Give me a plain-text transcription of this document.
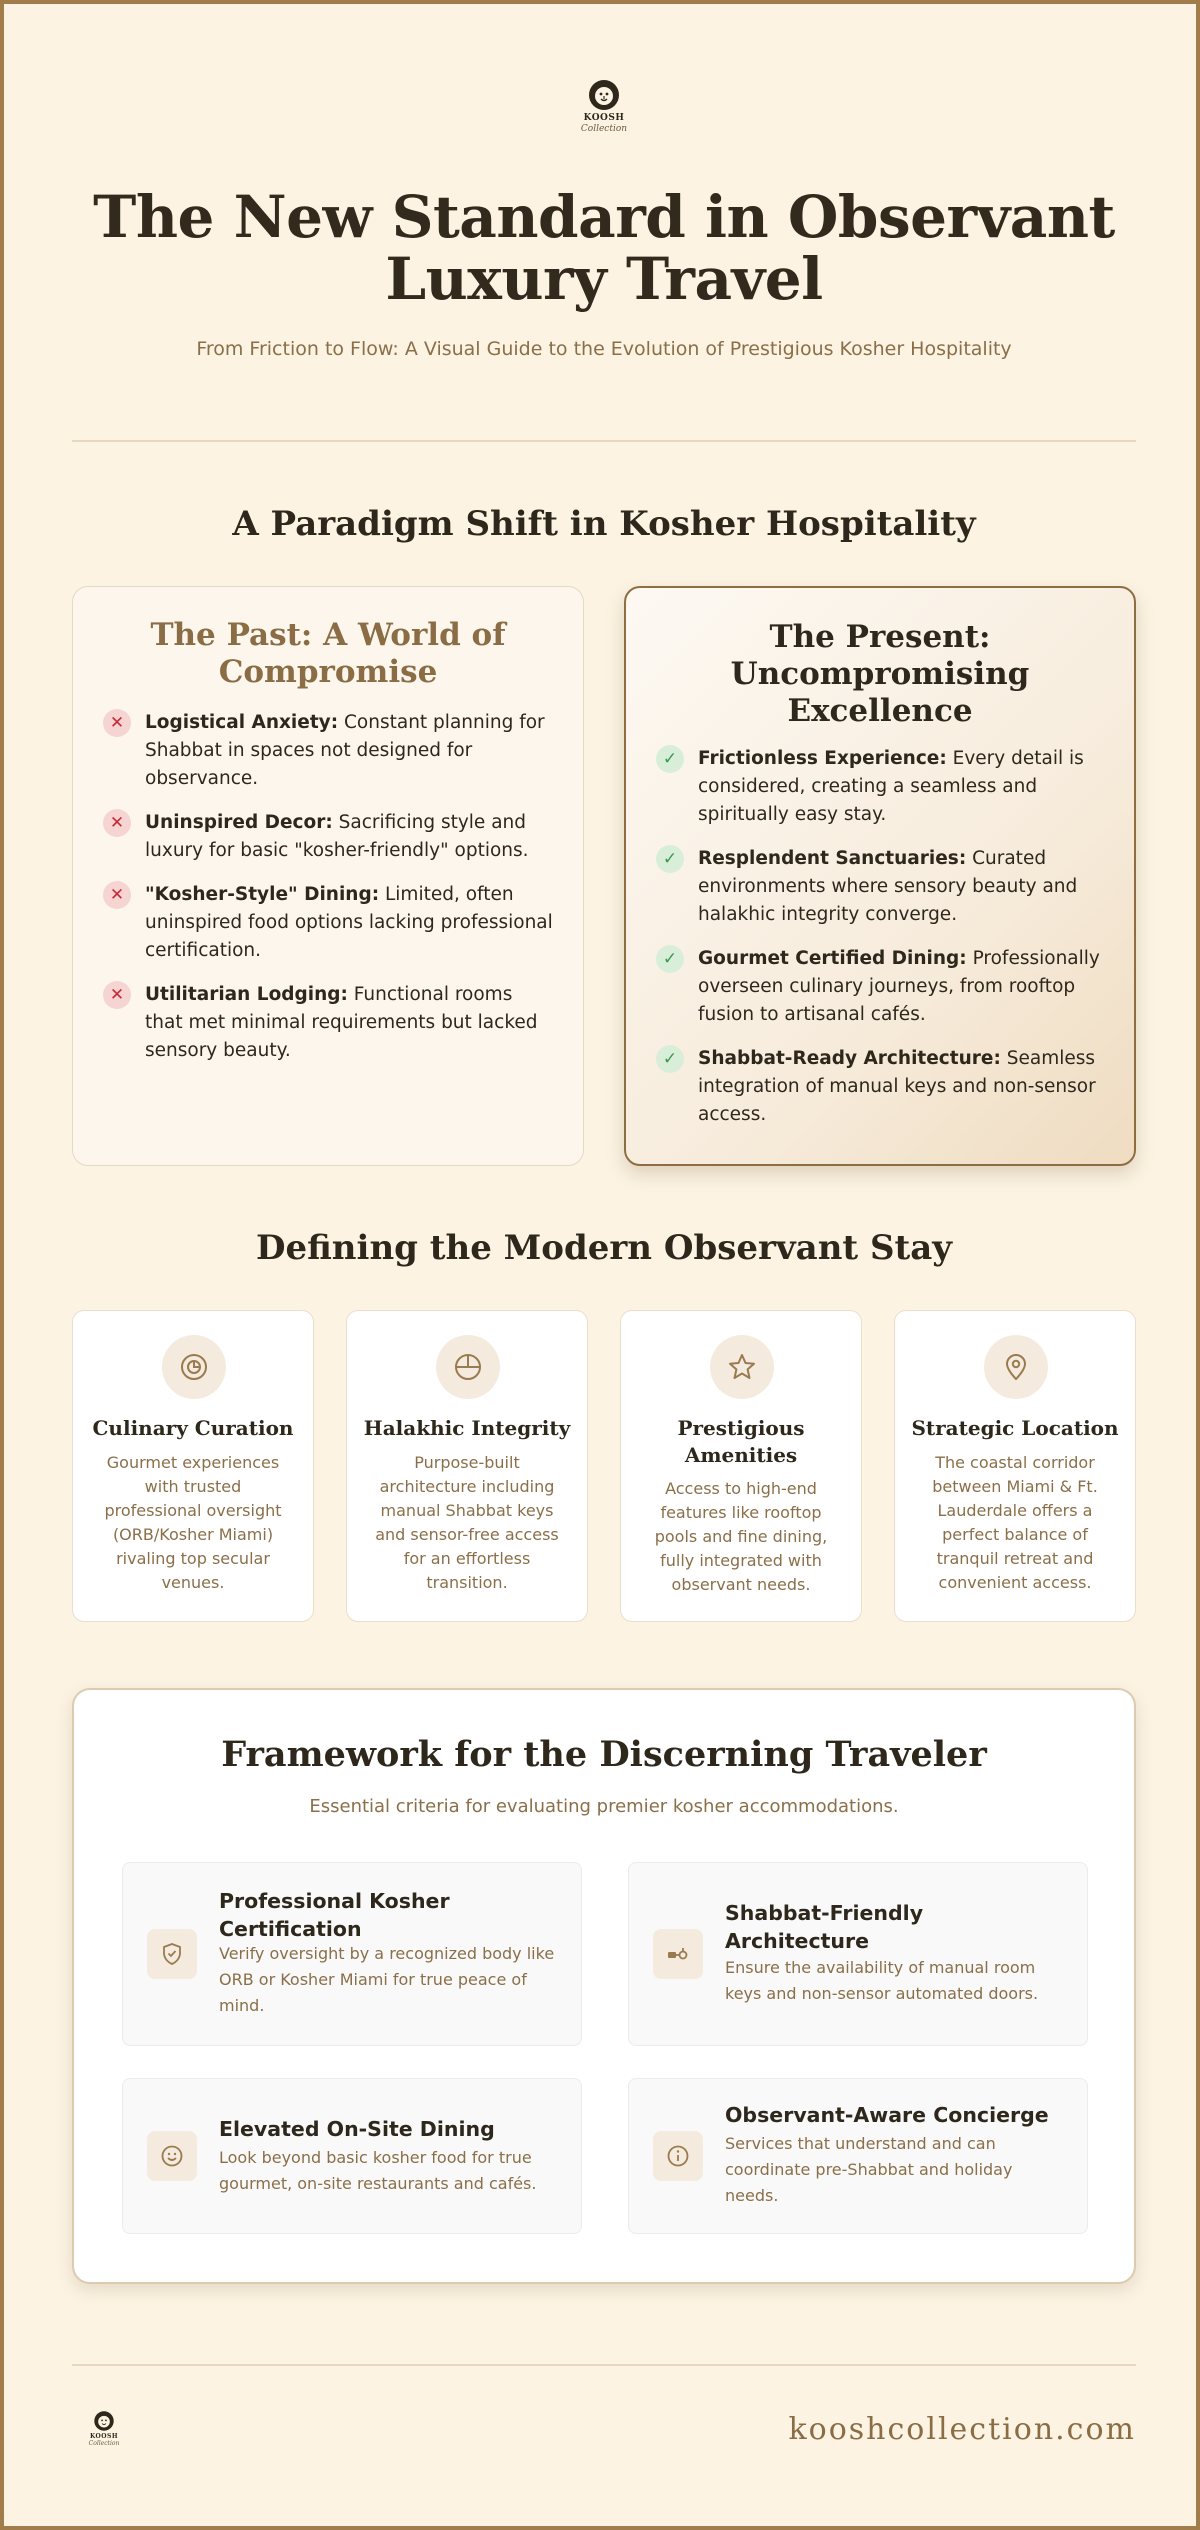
KOOSH
Collection
The New Standard in Observant Luxury Travel

From Friction to Flow: A Visual Guide to the Evolution of Prestigious Kosher Hospitality

A Paradigm Shift in Kosher Hospitality
The Past: A World of Compromise
✕	Logistical Anxiety: Constant planning for Shabbat in spaces not designed for observance.

✕	Uninspired Decor: Sacrificing style and luxury for basic "kosher-friendly" options.

✕	"Kosher-Style" Dining: Limited, often uninspired food options lacking professional certification.

✕	Utilitarian Lodging: Functional rooms that met minimal requirements but lacked sensory beauty.

The Present: Uncompromising Excellence
✓	Frictionless Experience: Every detail is considered, creating a seamless and spiritually easy stay.

✓	Resplendent Sanctuaries: Curated environments where sensory beauty and halakhic integrity converge.

✓	Gourmet Certified Dining: Professionally overseen culinary journeys, from rooftop fusion to artisanal cafés.

✓	Shabbat-Ready Architecture: Seamless integration of manual keys and non-sensor access.

Defining the Modern Observant Stay
Culinary Curation

Gourmet experiences with trusted professional oversight (ORB/Kosher Miami) rivaling top secular venues.

Halakhic Integrity

Purpose-built architecture including manual Shabbat keys and sensor-free access for an effortless transition.

Prestigious Amenities

Access to high-end features like rooftop pools and fine dining, fully integrated with observant needs.

Strategic Location

The coastal corridor between Miami & Ft. Lauderdale offers a perfect balance of tranquil retreat and convenient access.

Framework for the Discerning Traveler

Essential criteria for evaluating premier kosher accommodations.

Professional Kosher Certification

Verify oversight by a recognized body like ORB or Kosher Miami for true peace of mind.

Shabbat-Friendly Architecture

Ensure the availability of manual room keys and non-sensor automated doors.

Elevated On-Site Dining

Look beyond basic kosher food for true gourmet, on-site restaurants and cafés.

Observant-Aware Concierge

Services that understand and can coordinate pre-Shabbat and holiday needs.

KOOSH
Collection	kooshcollection.com
